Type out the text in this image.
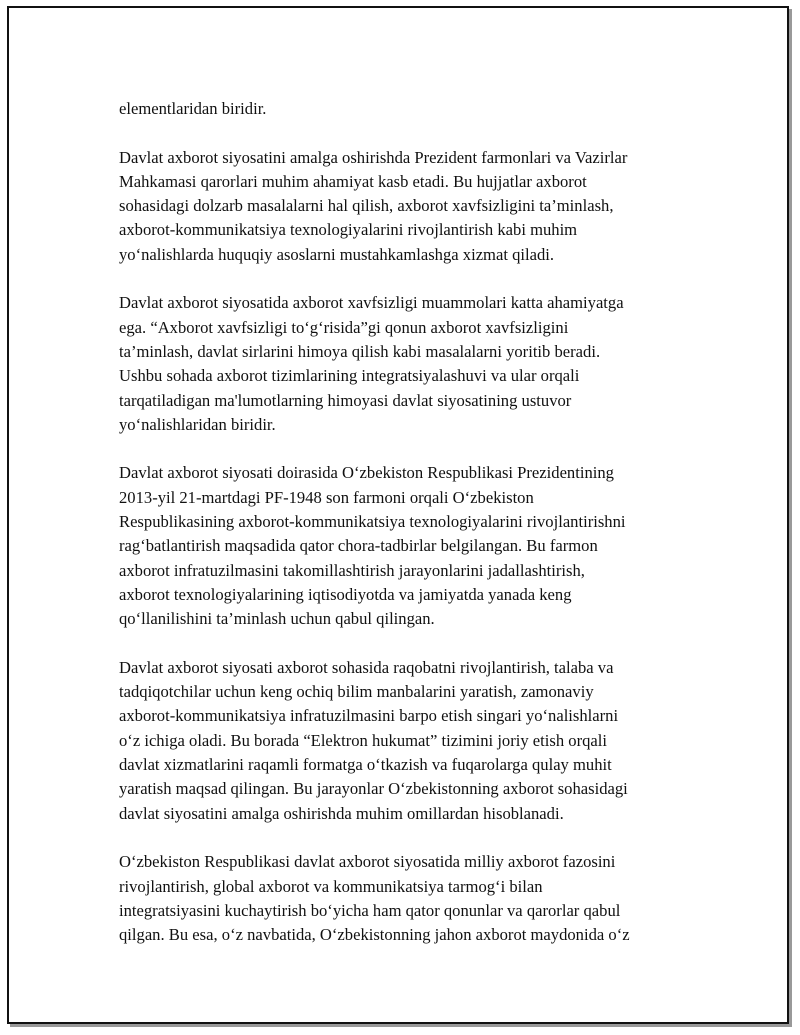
elementlaridan biridir.

Davlat axborot siyosatini amalga oshirishda Prezident farmonlari va Vazirlar
Mahkamasi qarorlari muhim ahamiyat kasb etadi. Bu hujjatlar axborot
sohasidagi dolzarb masalalarni hal qilish, axborot xavfsizligini ta’minlash,
axborot-kommunikatsiya texnologiyalarini rivojlantirish kabi muhim
yo‘nalishlarda huquqiy asoslarni mustahkamlashga xizmat qiladi.

Davlat axborot siyosatida axborot xavfsizligi muammolari katta ahamiyatga
ega. “Axborot xavfsizligi to‘g‘risida”gi qonun axborot xavfsizligini
ta’minlash, davlat sirlarini himoya qilish kabi masalalarni yoritib beradi.
Ushbu sohada axborot tizimlarining integratsiyalashuvi va ular orqali
tarqatiladigan ma'lumotlarning himoyasi davlat siyosatining ustuvor
yo‘nalishlaridan biridir.

Davlat axborot siyosati doirasida O‘zbekiston Respublikasi Prezidentining
2013-yil 21-martdagi PF-1948 son farmoni orqali O‘zbekiston
Respublikasining axborot-kommunikatsiya texnologiyalarini rivojlantirishni
rag‘batlantirish maqsadida qator chora-tadbirlar belgilangan. Bu farmon
axborot infratuzilmasini takomillashtirish jarayonlarini jadallashtirish,
axborot texnologiyalarining iqtisodiyotda va jamiyatda yanada keng
qo‘llanilishini ta’minlash uchun qabul qilingan.

Davlat axborot siyosati axborot sohasida raqobatni rivojlantirish, talaba va
tadqiqotchilar uchun keng ochiq bilim manbalarini yaratish, zamonaviy
axborot-kommunikatsiya infratuzilmasini barpo etish singari yo‘nalishlarni
o‘z ichiga oladi. Bu borada “Elektron hukumat” tizimini joriy etish orqali
davlat xizmatlarini raqamli formatga o‘tkazish va fuqarolarga qulay muhit
yaratish maqsad qilingan. Bu jarayonlar O‘zbekistonning axborot sohasidagi
davlat siyosatini amalga oshirishda muhim omillardan hisoblanadi.

O‘zbekiston Respublikasi davlat axborot siyosatida milliy axborot fazosini
rivojlantirish, global axborot va kommunikatsiya tarmog‘i bilan
integratsiyasini kuchaytirish bo‘yicha ham qator qonunlar va qarorlar qabul
qilgan. Bu esa, o‘z navbatida, O‘zbekistonning jahon axborot maydonida o‘z
